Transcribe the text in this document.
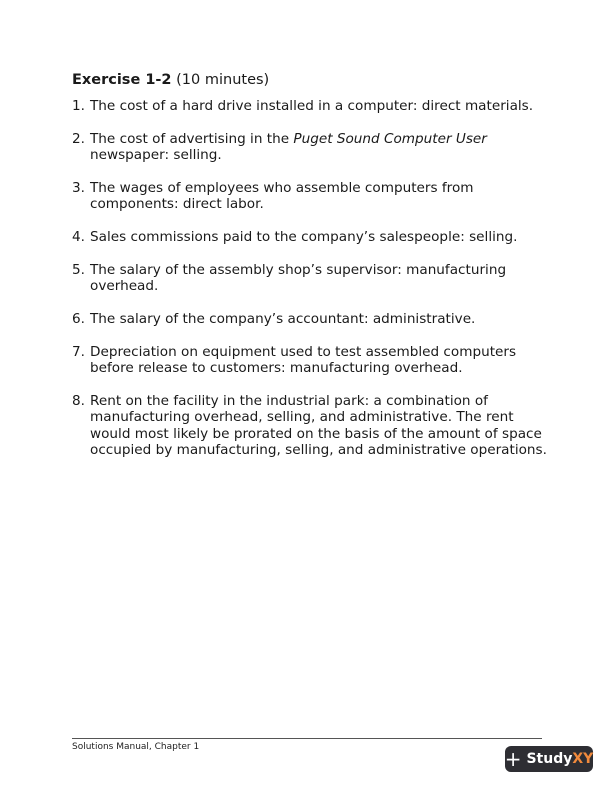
Exercise 1-2 (10 minutes)
1. The cost of a hard drive installed in a computer: direct materials.
2. The cost of advertising in the Puget Sound Computer User newspaper: selling.
3. The wages of employees who assemble computers from components: direct labor.
4. Sales commissions paid to the company’s salespeople: selling.
5. The salary of the assembly shop’s supervisor: manufacturing overhead.
6. The salary of the company’s accountant: administrative.
7. Depreciation on equipment used to test assembled computers before release to customers: manufacturing overhead.
8. Rent on the facility in the industrial park: a combination of manufacturing overhead, selling, and administrative. The rent would most likely be prorated on the basis of the amount of space occupied by manufacturing, selling, and administrative operations.
Solutions Manual, Chapter 1	+ StudyXY
